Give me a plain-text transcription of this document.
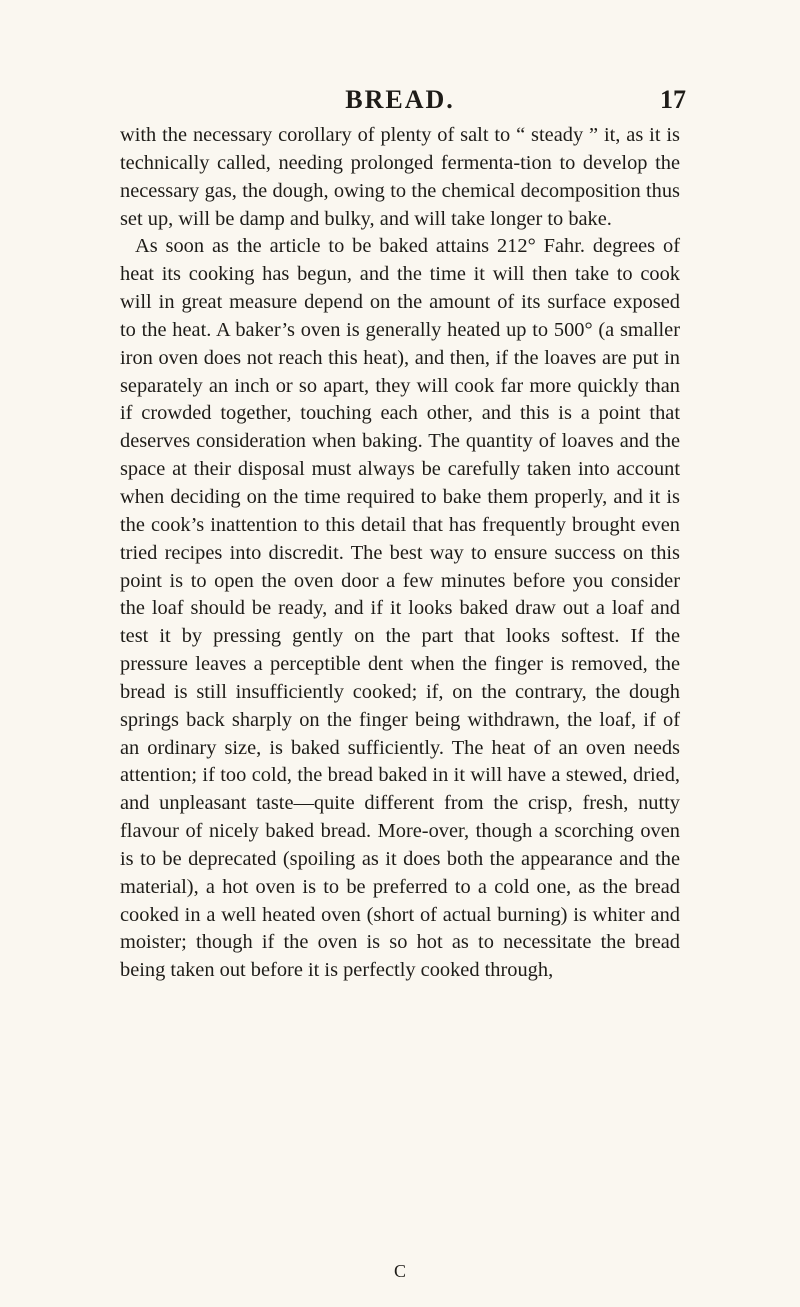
BREAD.	17

with the necessary corollary of plenty of salt to “ steady ” it, as it is technically called, needing prolonged fermenta-tion to develop the necessary gas, the dough, owing to the chemical decomposition thus set up, will be damp and bulky, and will take longer to bake.

As soon as the article to be baked attains 212° Fahr. degrees of heat its cooking has begun, and the time it will then take to cook will in great measure depend on the amount of its surface exposed to the heat. A baker’s oven is generally heated up to 500° (a smaller iron oven does not reach this heat), and then, if the loaves are put in separately an inch or so apart, they will cook far more quickly than if crowded together, touching each other, and this is a point that deserves consideration when baking. The quantity of loaves and the space at their disposal must always be carefully taken into account when deciding on the time required to bake them properly, and it is the cook’s inattention to this detail that has frequently brought even tried recipes into discredit. The best way to ensure success on this point is to open the oven door a few minutes before you consider the loaf should be ready, and if it looks baked draw out a loaf and test it by pressing gently on the part that looks softest. If the pressure leaves a perceptible dent when the finger is removed, the bread is still insufficiently cooked; if, on the contrary, the dough springs back sharply on the finger being withdrawn, the loaf, if of an ordinary size, is baked sufficiently. The heat of an oven needs attention; if too cold, the bread baked in it will have a stewed, dried, and unpleasant taste—quite different from the crisp, fresh, nutty flavour of nicely baked bread. More-over, though a scorching oven is to be deprecated (spoiling as it does both the appearance and the material), a hot oven is to be preferred to a cold one, as the bread cooked in a well heated oven (short of actual burning) is whiter and moister; though if the oven is so hot as to necessitate the bread being taken out before it is perfectly cooked through,

C
